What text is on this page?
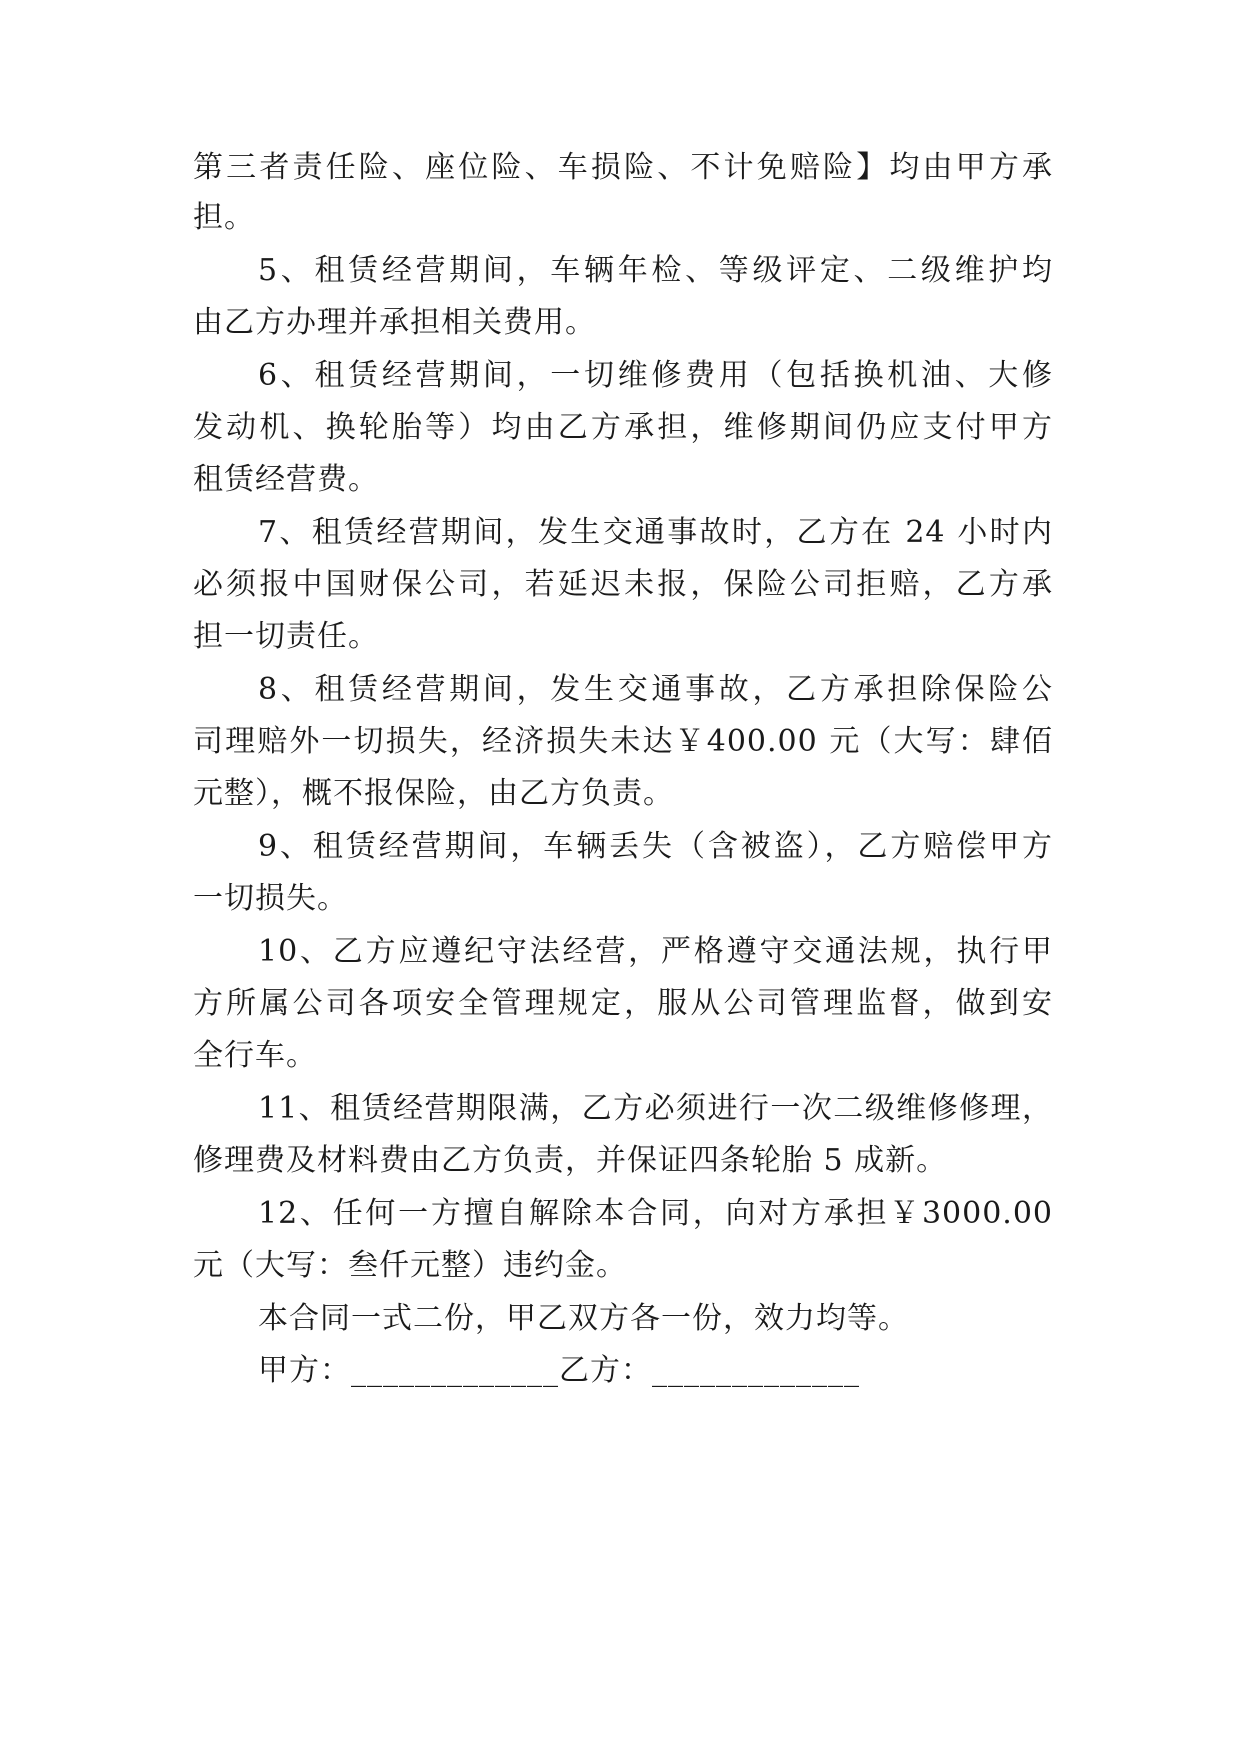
第三者责任险、座位险、车损险、不计免赔险】均由甲方承
担。
5、租赁经营期间，车辆年检、等级评定、二级维护均
由乙方办理并承担相关费用。
6、租赁经营期间，一切维修费用（包括换机油、大修
发动机、换轮胎等）均由乙方承担，维修期间仍应支付甲方
租赁经营费。
7、租赁经营期间，发生交通事故时，乙方在 24 小时内
必须报中国财保公司，若延迟未报，保险公司拒赔，乙方承
担一切责任。
8、租赁经营期间，发生交通事故，乙方承担除保险公
司理赔外一切损失，经济损失未达￥400.00 元（大写：肆佰
元整），概不报保险，由乙方负责。
9、租赁经营期间，车辆丢失（含被盗），乙方赔偿甲方
一切损失。
10、乙方应遵纪守法经营，严格遵守交通法规，执行甲
方所属公司各项安全管理规定，服从公司管理监督，做到安
全行车。
11、租赁经营期限满，乙方必须进行一次二级维修修理，
修理费及材料费由乙方负责，并保证四条轮胎 5 成新。
12、任何一方擅自解除本合同，向对方承担￥3000.00
元（大写：叁仟元整）违约金。
本合同一式二份，甲乙双方各一份，效力均等。
甲方：_____________乙方：_____________
